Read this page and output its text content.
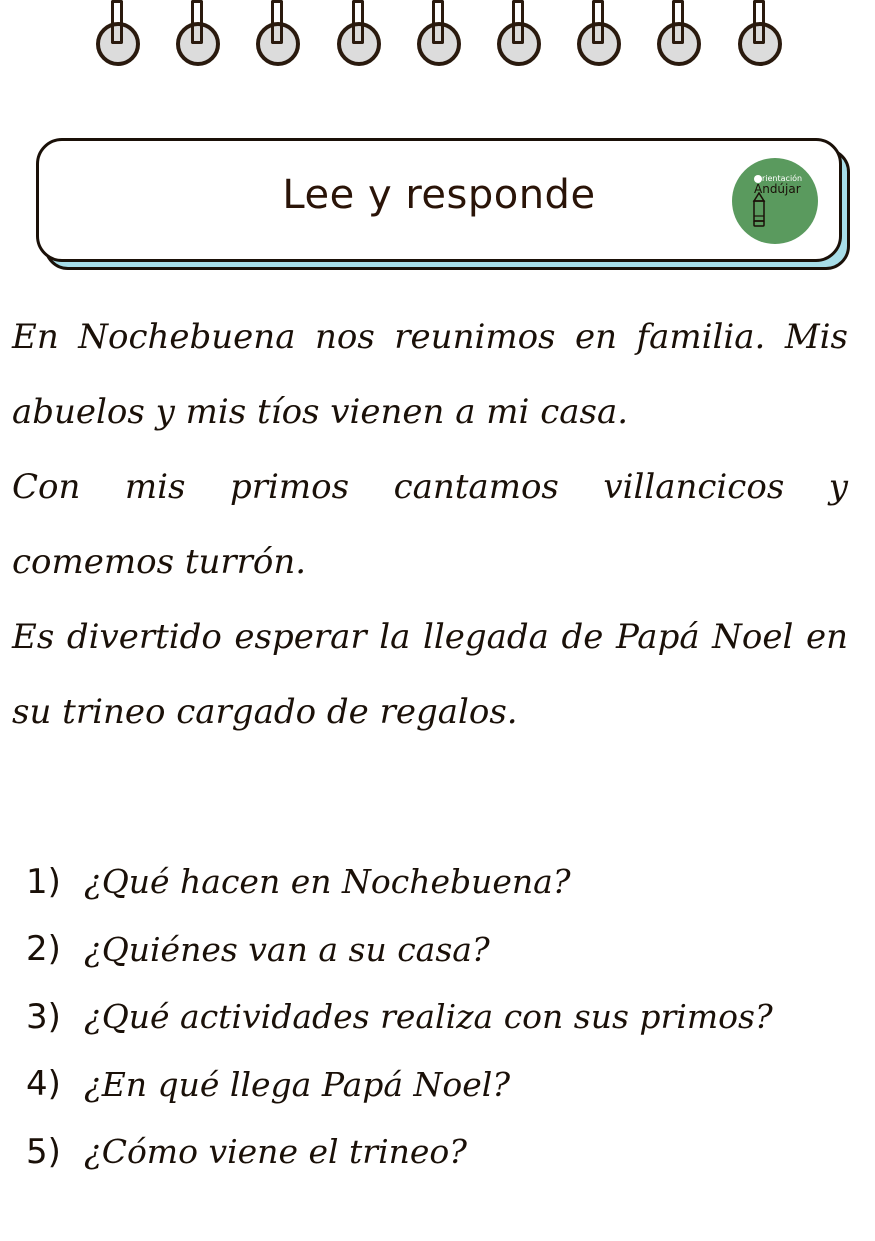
Lee y responde	rientación
Andújar

En Nochebuena nos reunimos en familia. Mis abuelos y mis tíos vienen a mi casa.

Con mis primos cantamos villancicos y comemos turrón.

Es divertido esperar la llegada de Papá Noel en su trineo cargado de regalos.

1) ¿Qué hacen en Nochebuena?
2) ¿Quiénes van a su casa?
3) ¿Qué actividades realiza con sus primos?
4) ¿En qué llega Papá Noel?
5) ¿Cómo viene el trineo?
